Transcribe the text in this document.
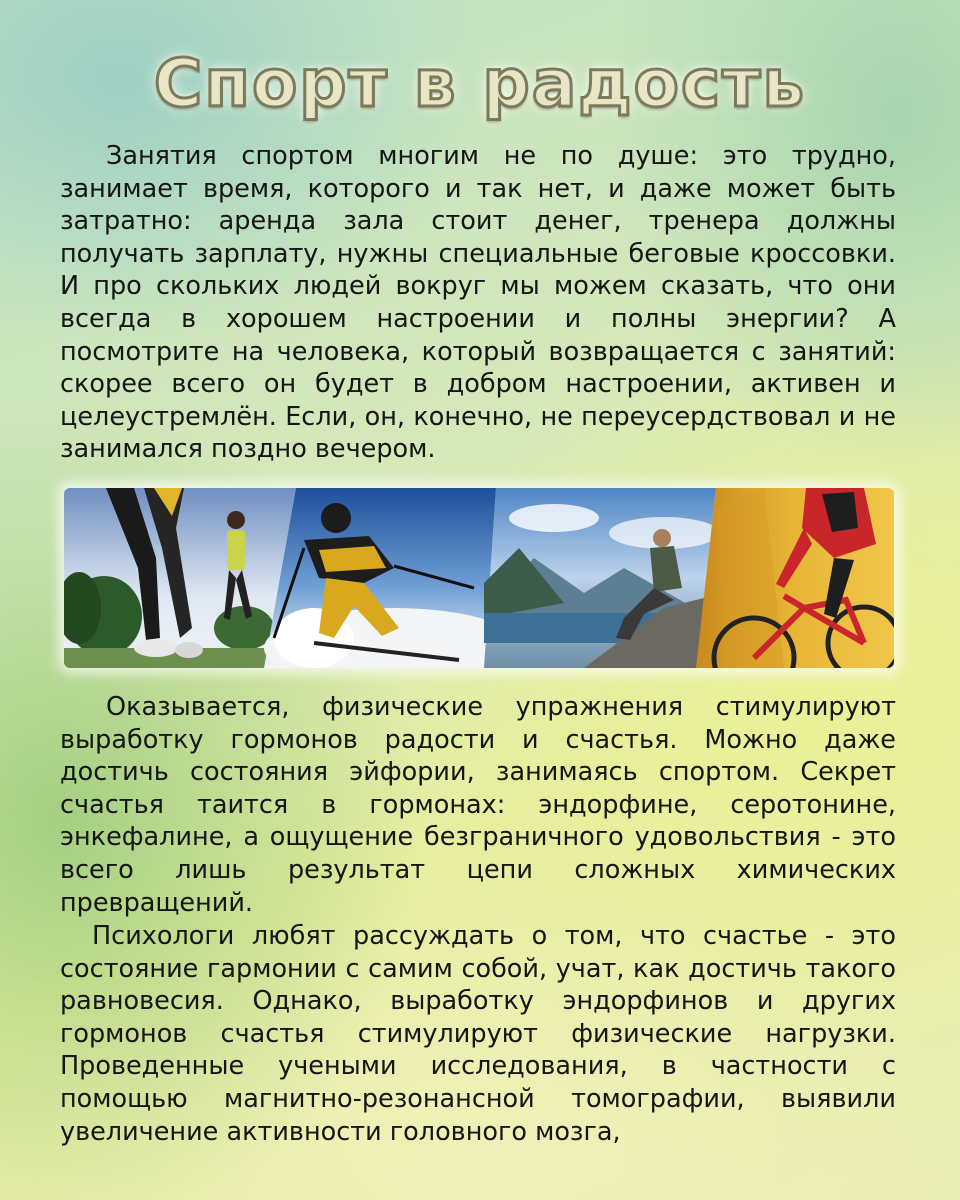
Спорт в радость

Занятия спортом многим не по душе: это трудно, занимает время, которого и так нет, и даже может быть затратно: аренда зала стоит денег, тренера должны получать зарплату, нужны специальные беговые кроссовки. И про скольких людей вокруг мы можем сказать, что они всегда в хорошем настроении и полны энергии? А посмотрите на человека, который возвращается с занятий: скорее всего он будет в добром настроении, активен и целеустремлён. Если, он, конечно, не переусердствовал и не занимался поздно вечером.

Оказывается, физические упражнения стимулируют выработку гормонов радости и счастья. Можно даже достичь состояния эйфории, занимаясь спортом. Секрет счастья таится в гормонах: эндорфине, серотонине, энкефалине, а ощущение безграничного удовольствия - это всего лишь результат цепи сложных химических превращений.

Психологи любят рассуждать о том, что счастье - это состояние гармонии с самим собой, учат, как достичь такого равновесия. Однако, выработку эндорфинов и других гормонов счастья стимулируют физические нагрузки. Проведенные учеными исследования, в частности с помощью магнитно-резонансной томографии, выявили увеличение активности головного мозга,
